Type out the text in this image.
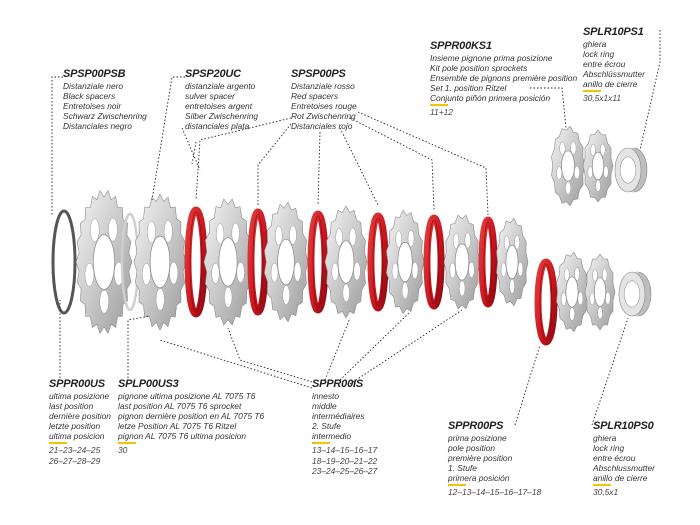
SPSP00PSB
Distanziale nero
Black spacers
Entretoises noir
Schwarz Zwischenring
Distanciales negro
SPSP20UC
distanziale argento
sulver spacer
entretoises argent
Silber Zwischenring
distanciales plata
SPSP00PS
Distanziale rosso
Red spacers
Entretoises rouge
Rot Zwischenring
Distanciales rojo
SPPR00KS1
Insieme pignone prima posizione
Kit pole position sprockets
Ensemble de pignons première position
Set 1. position Ritzel
Conjunto piñón primera posición
11+12
SPLR10PS1
ghiera
lock ring
entre écrou
Abschlüssmutter
anillo de cierre
30,5x1x11
SPPR00US
ultima posizione
last position
dernière position
letzte position
ultima posicion
21–23–24–25
26–27–28–29
SPLP00US3
pignone ultima posizione AL 7075 T6
last position AL 7075 T6 sprocket
pignon dernière position en AL 7075 T6
letze Position AL 7075 T6 Ritzel
pignon AL 7075 T6 ultima posicion
30
SPPR00IS
innesto
middle
intermédiaires
2. Stufe
intermedio
13–14–15–16–17
18–19–20–21–22
23–24–25–26–27
SPPR00PS
prima posizione
pole position
première position
1. Stufe
primera posición
12–13–14–15–16–17–18
SPLR10PS0
ghiera
lock ring
entre écrou
Abschlussmutter
anillo de cierre
30,5x1
